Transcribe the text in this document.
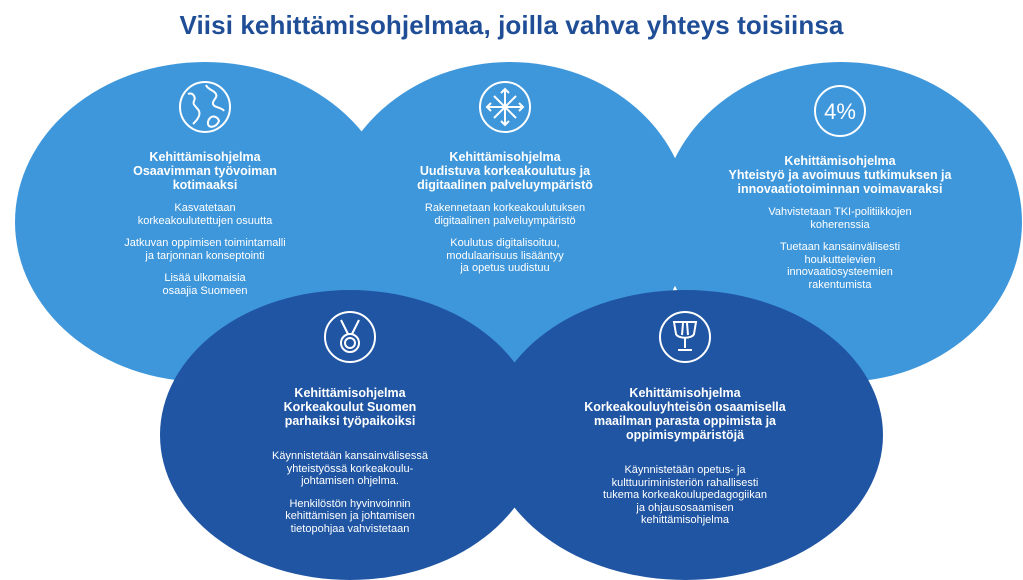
Viisi kehittämisohjelmaa, joilla vahva yhteys toisiinsa
Kehittämisohjelma
Osaavimman työvoiman
kotimaaksi
Kasvatetaan
korkeakoulutettujen osuutta
Jatkuvan oppimisen toimintamalli
ja tarjonnan konseptointi
Lisää ulkomaisia
osaajia Suomeen
Kehittämisohjelma
Uudistuva korkeakoulutus ja
digitaalinen palveluympäristö
Rakennetaan korkeakoulutuksen
digitaalinen palveluympäristö
Koulutus digitalisoituu,
modulaarisuus lisääntyy
ja opetus uudistuu
4%
Kehittämisohjelma
Yhteistyö ja avoimuus tutkimuksen ja
innovaatiotoiminnan voimavaraksi
Vahvistetaan TKI-politiikkojen
koherenssia
Tuetaan kansainvälisesti
houkuttelevien
innovaatiosysteemien
rakentumista
Kehittämisohjelma
Korkeakoulut Suomen
parhaiksi työpaikoiksi
Käynnistetään kansainvälisessä
yhteistyössä korkeakoulu-
johtamisen ohjelma.
Henkilöstön hyvinvoinnin
kehittämisen ja johtamisen
tietopohjaa vahvistetaan
Kehittämisohjelma
Korkeakouluyhteisön osaamisella
maailman parasta oppimista ja
oppimisympäristöjä
Käynnistetään opetus- ja
kulttuuriministeriön rahallisesti
tukema korkeakoulupedagogiikan
ja ohjausosaamisen
kehittämisohjelma
